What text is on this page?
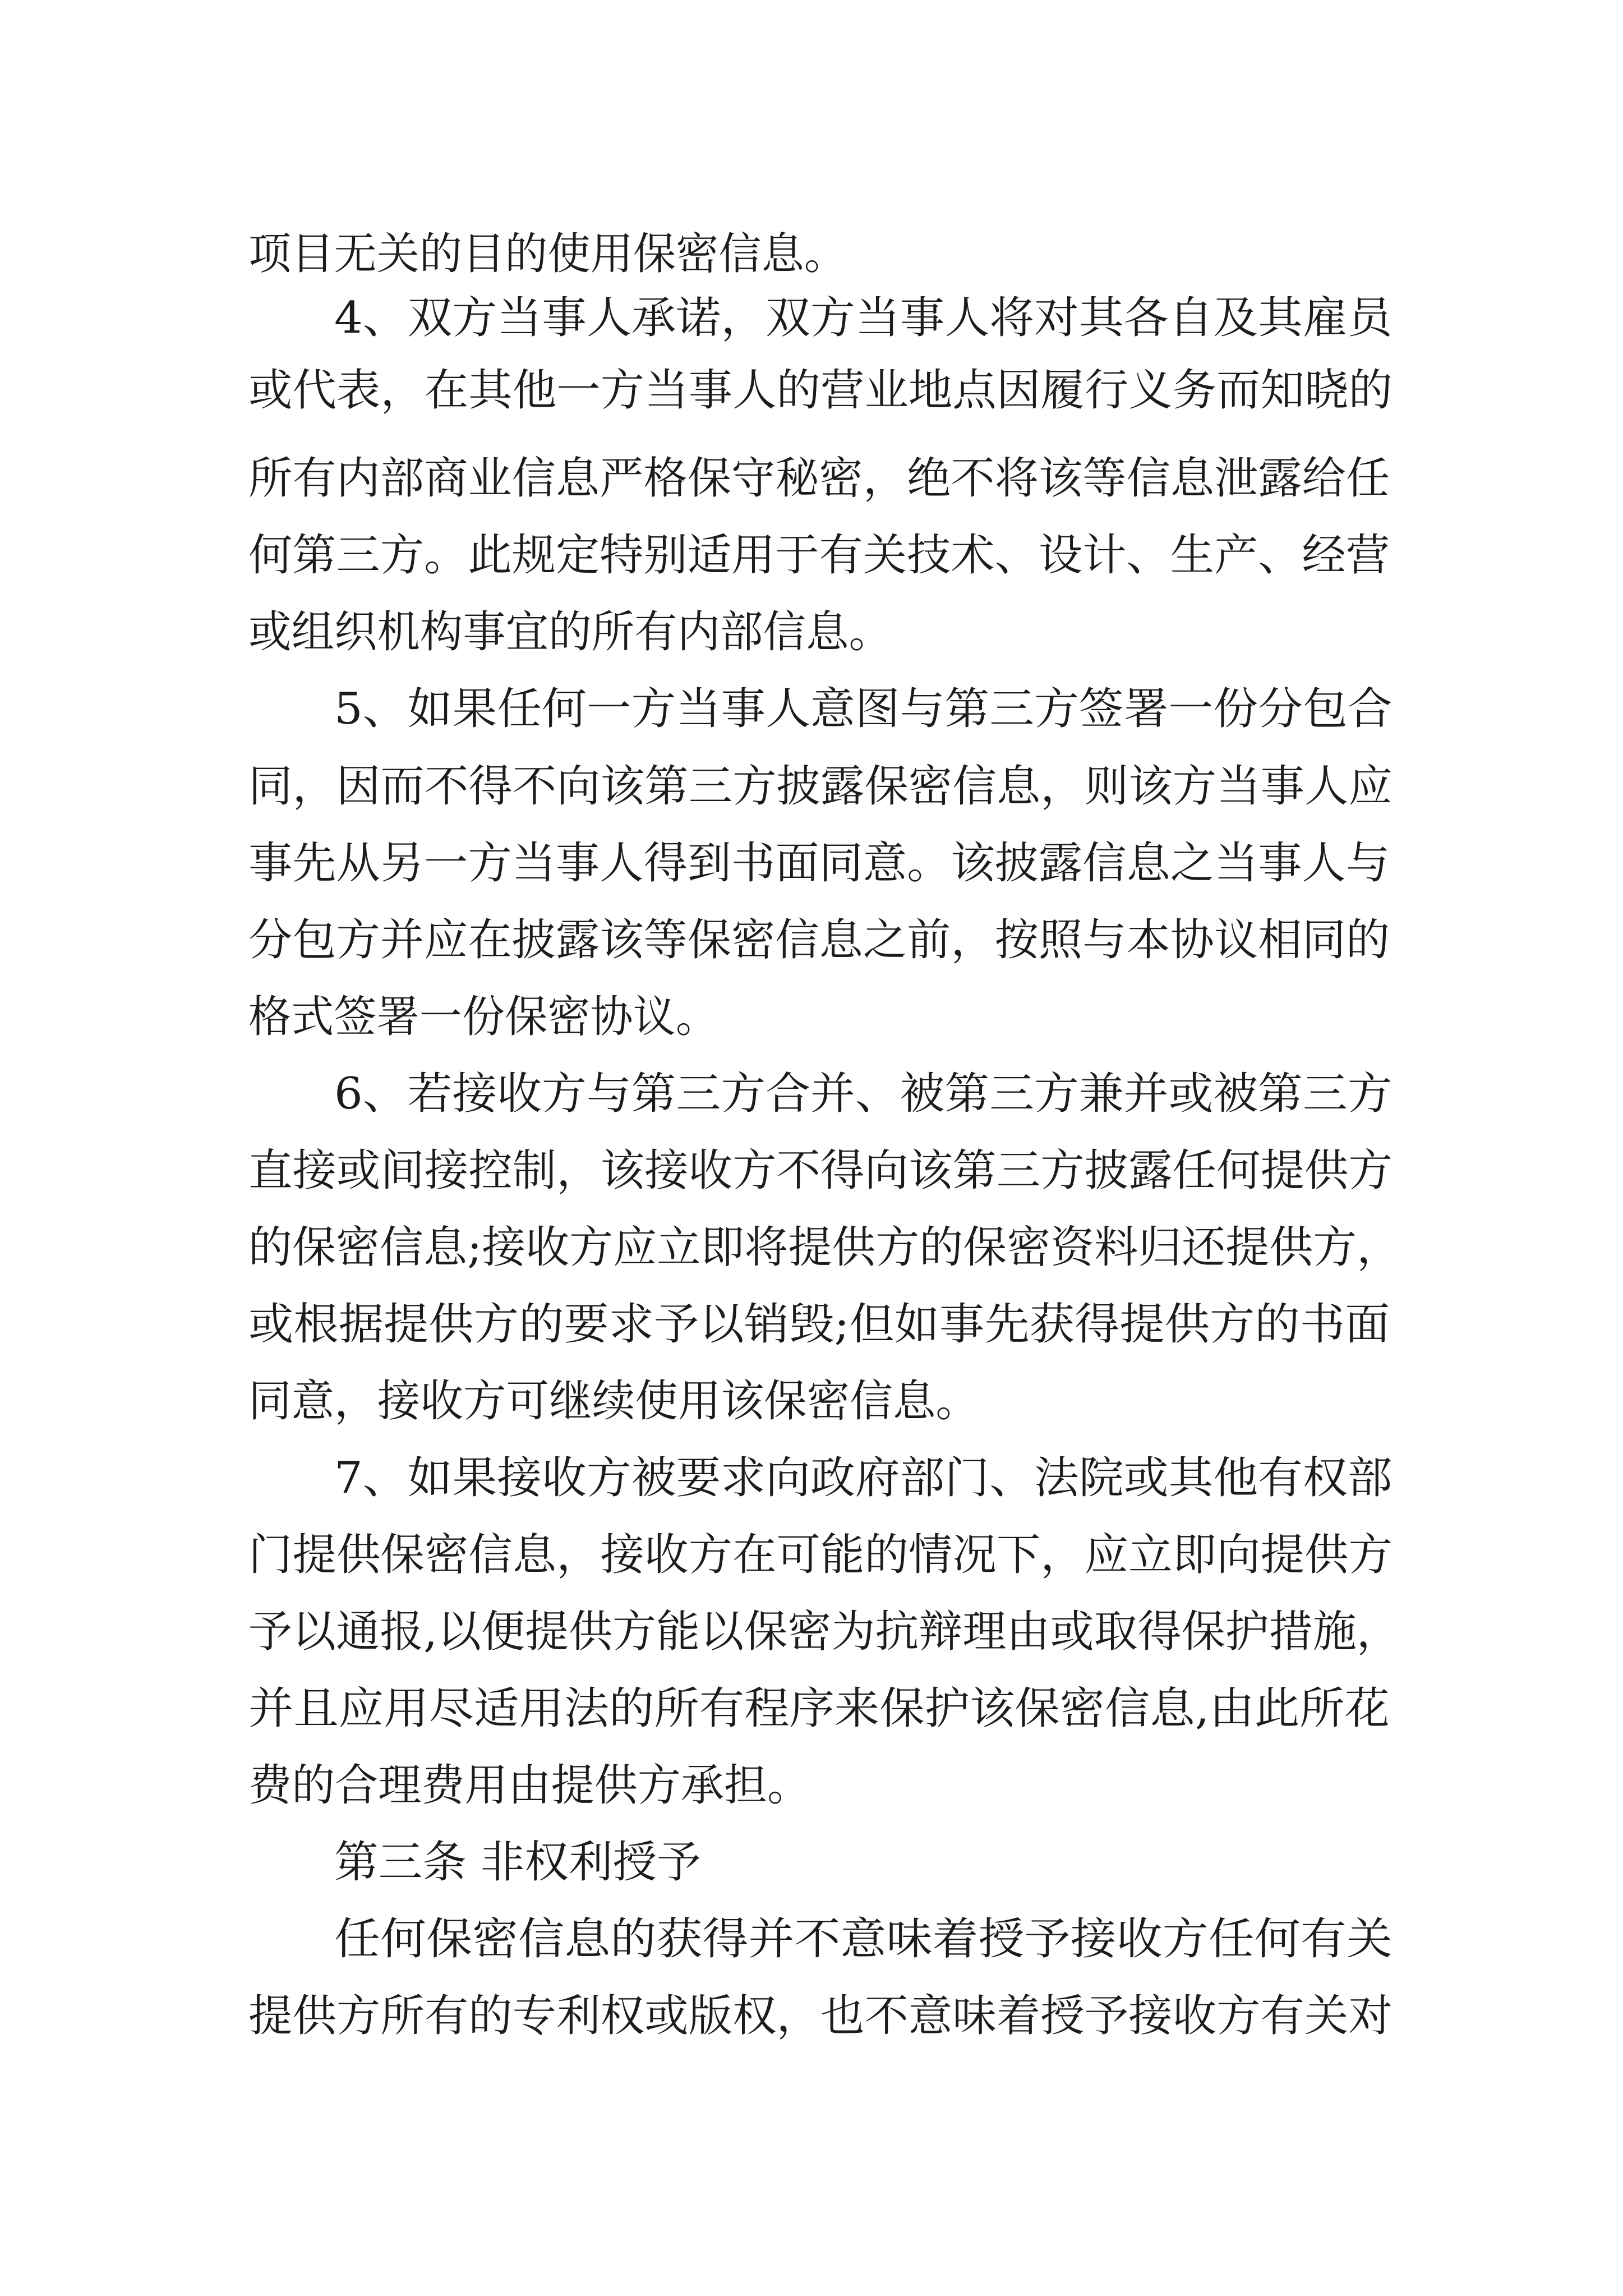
项目无关的目的使用保密信息。
4、双方当事人承诺，双方当事人将对其各自及其雇员
或代表，在其他一方当事人的营业地点因履行义务而知晓的
所有内部商业信息严格保守秘密，绝不将该等信息泄露给任
何第三方。此规定特别适用于有关技术、设计、生产、经营
或组织机构事宜的所有内部信息。
5、如果任何一方当事人意图与第三方签署一份分包合
同，因而不得不向该第三方披露保密信息，则该方当事人应
事先从另一方当事人得到书面同意。该披露信息之当事人与
分包方并应在披露该等保密信息之前，按照与本协议相同的
格式签署一份保密协议。
6、若接收方与第三方合并、被第三方兼并或被第三方
直接或间接控制，该接收方不得向该第三方披露任何提供方
的保密信息;接收方应立即将提供方的保密资料归还提供方，
或根据提供方的要求予以销毁;但如事先获得提供方的书面
同意，接收方可继续使用该保密信息。
7、如果接收方被要求向政府部门、法院或其他有权部
门提供保密信息，接收方在可能的情况下，应立即向提供方
予以通报,以便提供方能以保密为抗辩理由或取得保护措施，
并且应用尽适用法的所有程序来保护该保密信息,由此所花
费的合理费用由提供方承担。
第三条 非权利授予
任何保密信息的获得并不意味着授予接收方任何有关
提供方所有的专利权或版权，也不意味着授予接收方有关对
